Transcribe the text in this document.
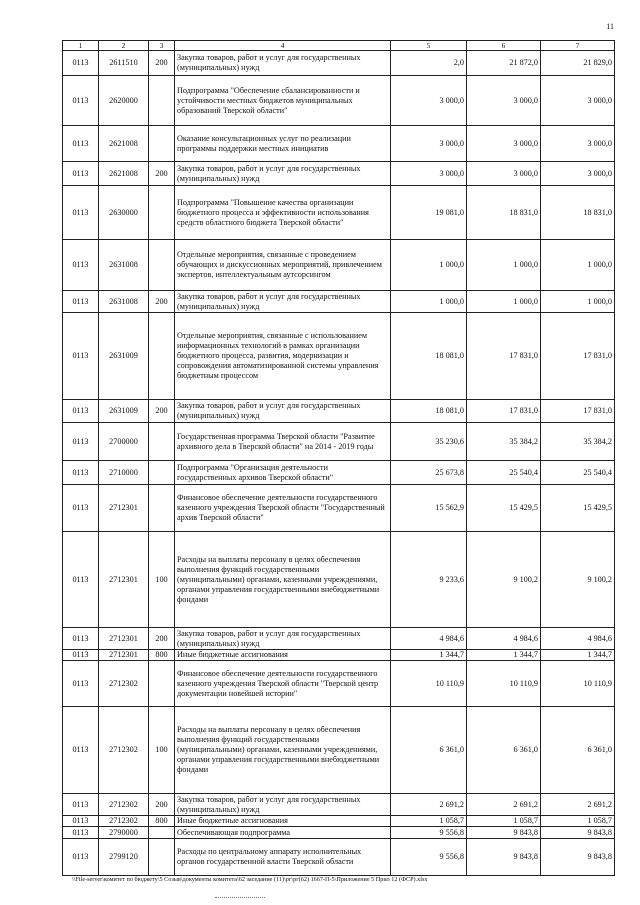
11
1	2	3	4	5	6	7
0113	2611510	200	Закупка товаров, работ и услуг для государственных (муниципальных) нужд	2,0	21 872,0	21 829,0
0113	2620000		Подпрограмма "Обеспечение сбалансированности и устойчивости местных бюджетов муниципальных образований Тверской области"	3 000,0	3 000,0	3 000,0
0113	2621008		Оказание консультационных услуг по реализации программы поддержки местных инициатив	3 000,0	3 000,0	3 000,0
0113	2621008	200	Закупка товаров, работ и услуг для государственных (муниципальных) нужд	3 000,0	3 000,0	3 000,0
0113	2630000		Подпрограмма "Повышение качества организации бюджетного процесса и эффективности использования средств областного бюджета Тверской области"	19 081,0	18 831,0	18 831,0
0113	2631008		Отдельные мероприятия, связанные с проведением обучающих и дискуссионных мероприятий, привлечением экспертов, интеллектуальным аутсорсингом	1 000,0	1 000,0	1 000,0
0113	2631008	200	Закупка товаров, работ и услуг для государственных (муниципальных) нужд	1 000,0	1 000,0	1 000,0
0113	2631009		Отдельные мероприятия, связанные с использованием информационных технологий в рамках организации бюджетного процесса, развития, модернизации и сопровождения автоматизированной системы управления бюджетным процессом	18 081,0	17 831,0	17 831,0
0113	2631009	200	Закупка товаров, работ и услуг для государственных (муниципальных) нужд	18 081,0	17 831,0	17 831,0
0113	2700000		Государственная программа Тверской области "Развитие архивного дела в Тверской области" на 2014 - 2019 годы	35 230,6	35 384,2	35 384,2
0113	2710000		Подпрограмма "Организация деятельности государственных архивов Тверской области"	25 673,8	25 540,4	25 540,4
0113	2712301		Финансовое обеспечение деятельности государственного казенного учреждения Тверской области "Государственный архив Тверской области"	15 562,9	15 429,5	15 429,5
0113	2712301	100	Расходы на выплаты персоналу в целях обеспечения выполнения функций государственными (муниципальными) органами, казенными учреждениями, органами управления государственными внебюджетными фондами	9 233,6	9 100,2	9 100,2
0113	2712301	200	Закупка товаров, работ и услуг для государственных (муниципальных) нужд	4 984,6	4 984,6	4 984,6
0113	2712301	800	Иные бюджетные ассигнования	1 344,7	1 344,7	1 344,7
0113	2712302		Финансовое обеспечение деятельности государственного казенного учреждения Тверской области "Тверской центр документации новейшей истории"	10 110,9	10 110,9	10 110,9
0113	2712302	100	Расходы на выплаты персоналу в целях обеспечения выполнения функций государственными (муниципальными) органами, казенными учреждениями, органами управления государственными внебюджетными фондами	6 361,0	6 361,0	6 361,0
0113	2712302	200	Закупка товаров, работ и услуг для государственных (муниципальных) нужд	2 691,2	2 691,2	2 691,2
0113	2712302	800	Иные бюджетные ассигнования	1 058,7	1 058,7	1 058,7
0113	2790000		Обеспечивающая подпрограмма	9 556,8	9 843,8	9 843,8
0113	2799120		Расходы по центральному аппарату исполнительных органов государственной власти Тверской области	9 556,8	9 843,8	9 843,8
\\File-server\комитет по бюджету\5 Созыв\документы комитета\62 заседание (11)\рг\рг(62) 1667-П-5\Приложение 5 Прил 12 (ФСР).xlsx
